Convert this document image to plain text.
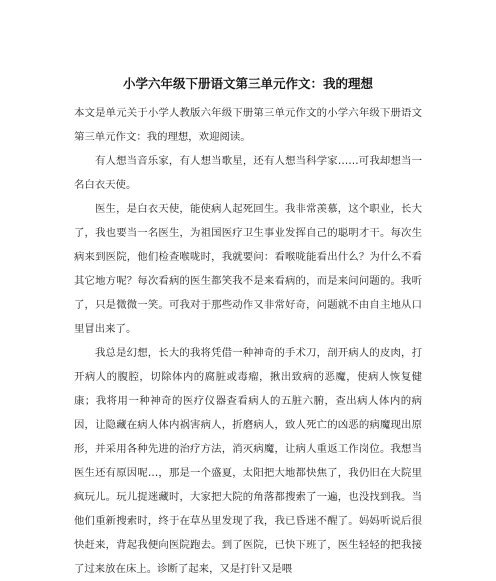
小学六年级下册语文第三单元作文：我的理想

本文是单元关于小学人教版六年级下册第三单元作文的小学六年级下册语文第三单元作文：我的理想，欢迎阅读。

有人想当音乐家，有人想当歌星，还有人想当科学家……可我却想当一名白衣天使。

医生，是白衣天使，能使病人起死回生。我非常羡慕，这个职业，长大了，我也要当一名医生，为祖国医疗卫生事业发挥自己的聪明才干。每次生病来到医院，他们检查喉咙时，我就要问：看喉咙能看出什么？为什么不看其它地方呢？每次看病的医生都笑我不是来看病的，而是来问问题的。我听了，只是微微一笑。可我对于那些动作又非常好奇，问题就不由自主地从口里冒出来了。

我总是幻想，长大的我将凭借一种神奇的手术刀，剖开病人的皮肉，打开病人的腹腔，切除体内的腐脏或毒瘤，揪出致病的恶魔，使病人恢复健康；我将用一种神奇的医疗仪器查看病人的五脏六腑，查出病人体内的病因，让隐藏在病人体内祸害病人，折磨病人，致人死亡的凶恶的病魔现出原形，并采用各种先进的治疗方法，消灭病魔，让病人重返工作岗位。我想当医生还有原因呢…，那是一个盛夏，太阳把大地都快焦了，我仍旧在大院里疯玩儿。玩儿捉迷藏时，大家把大院的角落都搜索了一遍，也没找到我。当他们重新搜索时，终于在草丛里发现了我，我已昏迷不醒了。妈妈听说后很快赶来，背起我便向医院跑去。到了医院，已快下班了，医生轻轻的把我接了过来放在床上。诊断了起来，又是打针又是喂
